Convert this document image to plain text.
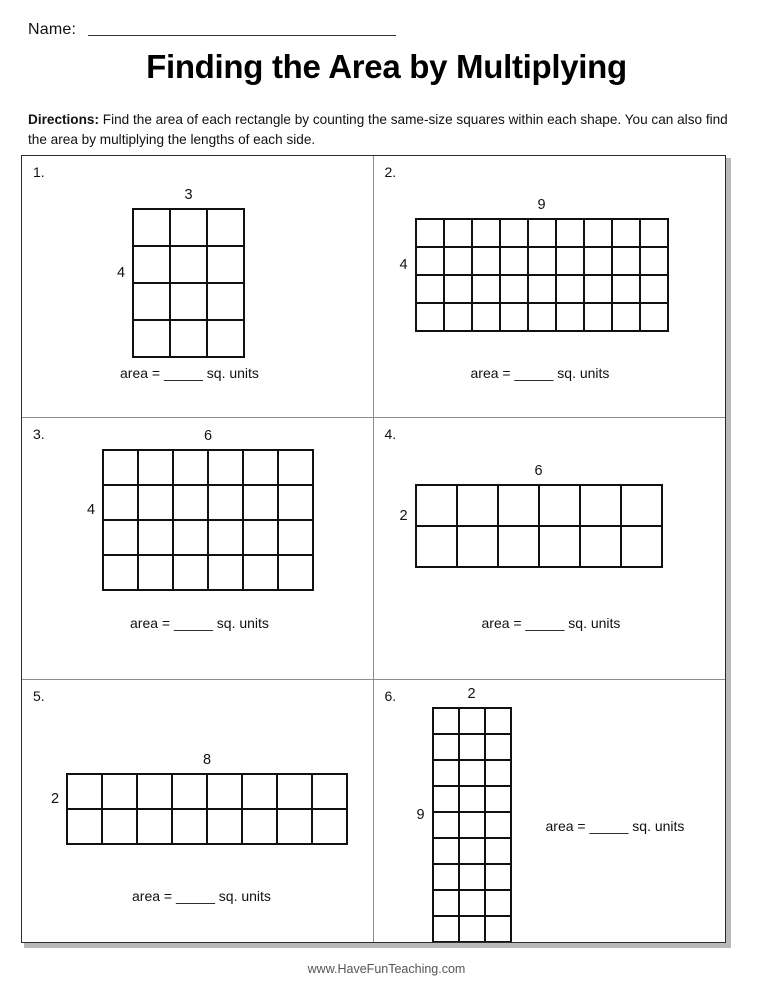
Name:
Finding the Area by Multiplying
Directions: Find the area of each rectangle by counting the same-size squares within each shape. You can also find the area by multiplying the lengths of each side.
1.
4
3
area = _____ sq. units
2.
4
9
area = _____ sq. units
3.
4
6
area = _____ sq. units
4.
2
6
area = _____ sq. units
5.
2
8
area = _____ sq. units
6.
9
2
area = _____ sq. units
www.HaveFunTeaching.com
